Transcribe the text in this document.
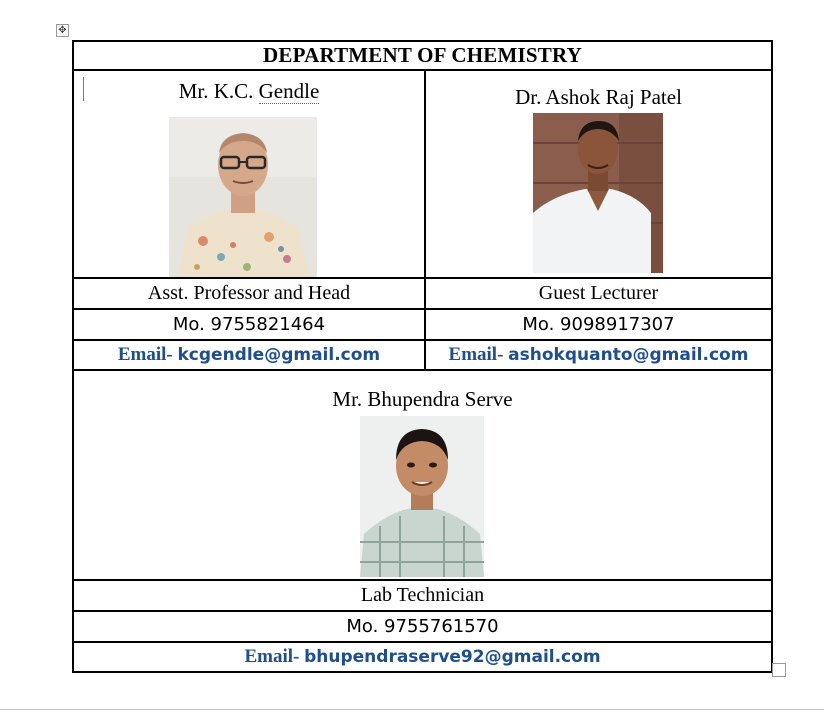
✥
DEPARTMENT OF CHEMISTRY	

Mr. K.C. Gendle	Dr. Ashok Raj Patel

Asst. Professor and Head	Guest Lecturer
Mo. 9755821464	Mo. 9098917307
Email- kcgendle@gmail.com	Email- ashokquanto@gmail.com

Mr. Bhupendra Serve	

Lab Technician	
Mo. 9755761570	
Email- bhupendraserve92@gmail.com	
